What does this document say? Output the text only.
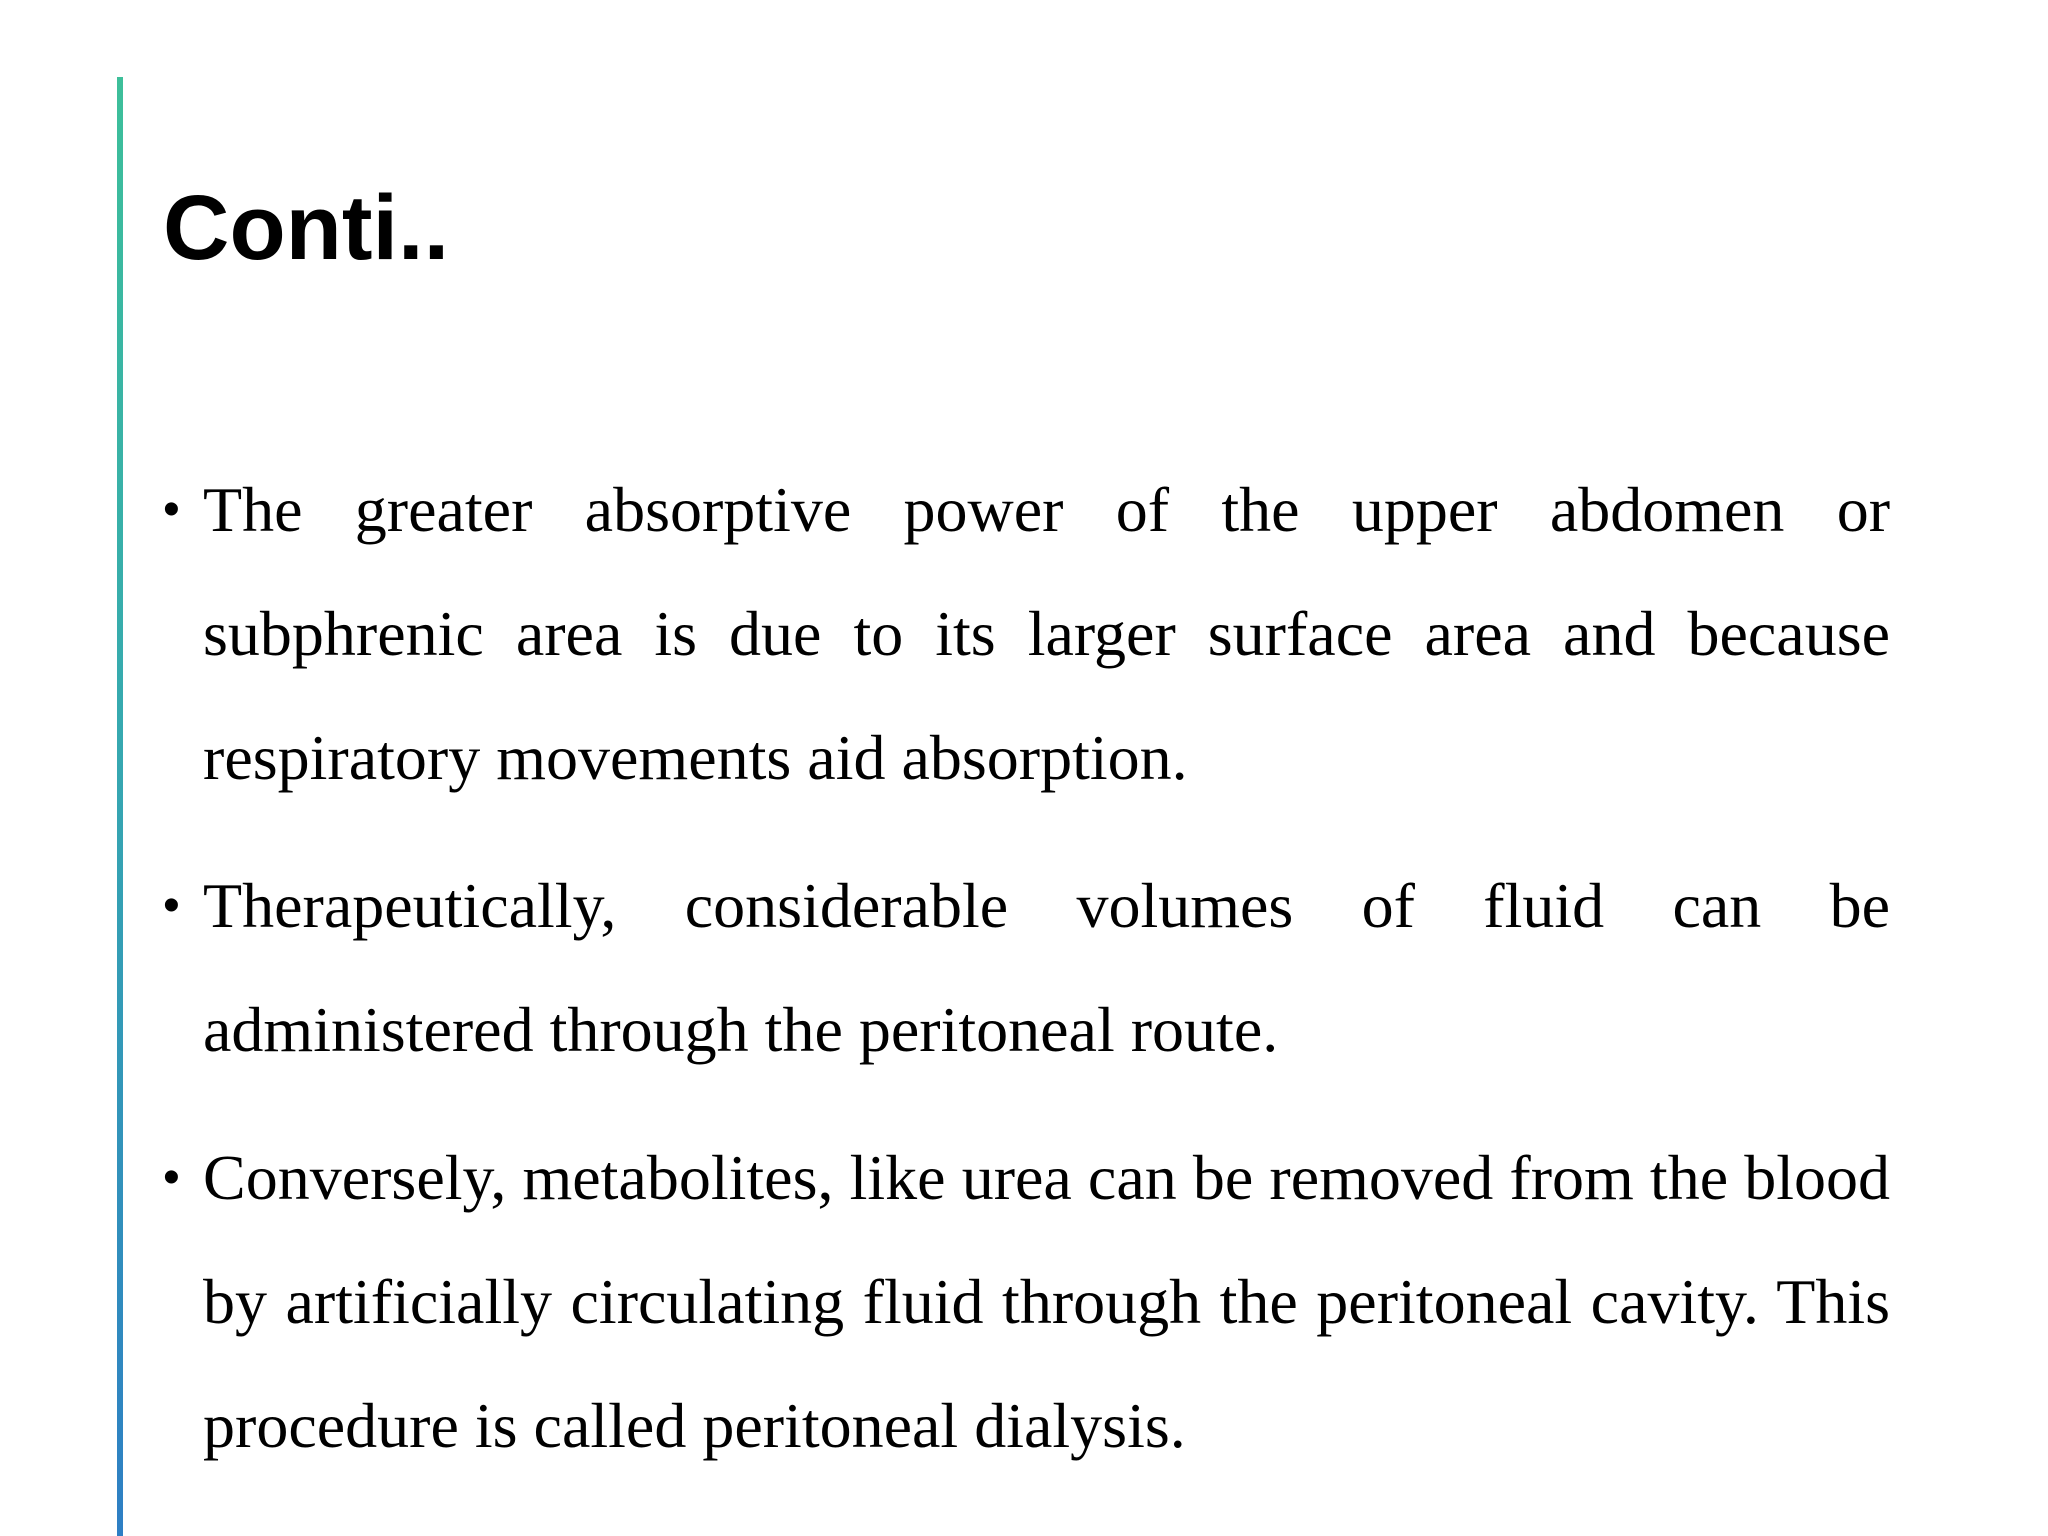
Conti..
• The greater absorptive power of the upper abdomen or subphrenic area is due to its larger surface area and because respiratory movements aid absorption.
• Therapeutically, considerable volumes of fluid can be administered through the peritoneal route.
• Conversely, metabolites, like urea can be removed from the blood by artificially circulating fluid through the peritoneal cavity. This procedure is called peritoneal dialysis.
